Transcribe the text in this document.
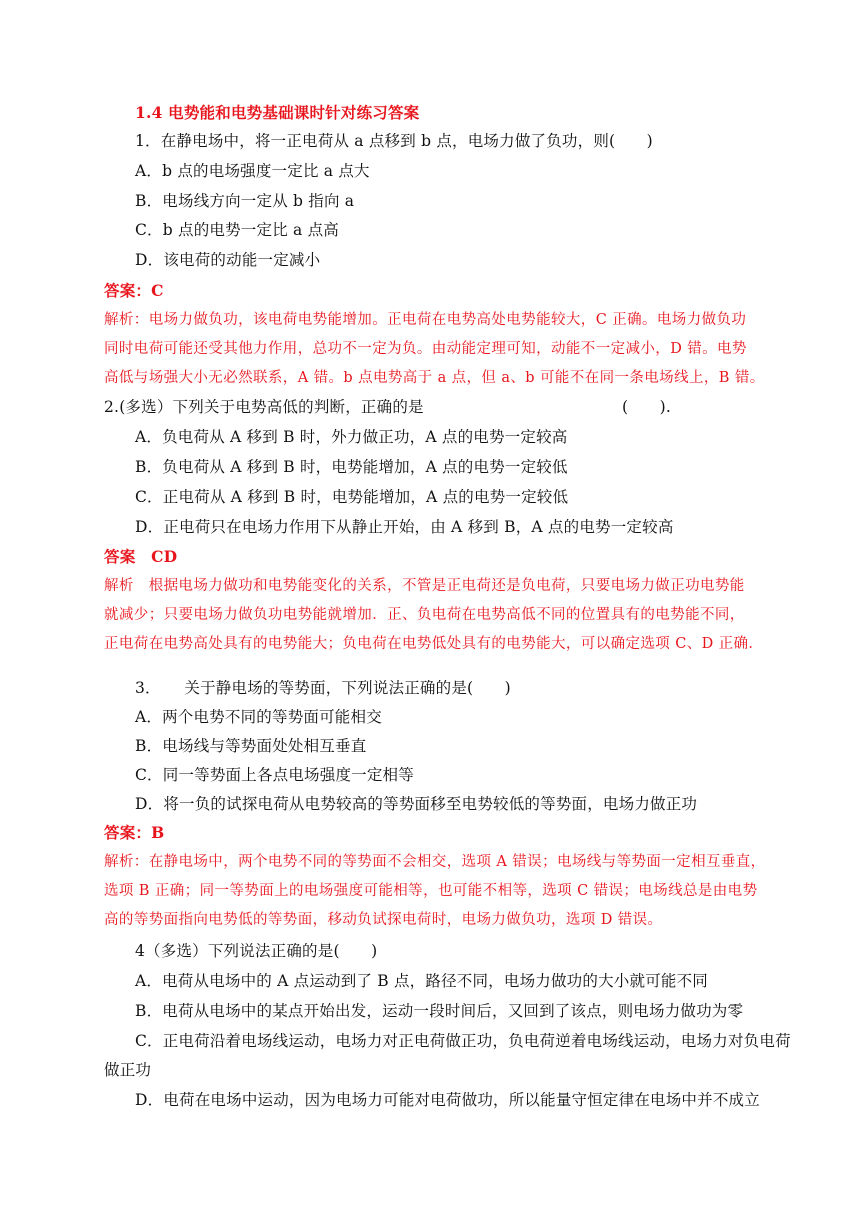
1.4 电势能和电势基础课时针对练习答案
1．在静电场中，将一正电荷从 a 点移到 b 点，电场力做了负功，则(　　)
A．b 点的电场强度一定比 a 点大
B．电场线方向一定从 b 指向 a
C．b 点的电势一定比 a 点高
D．该电荷的动能一定减小
答案：C
解析：电场力做负功，该电荷电势能增加。正电荷在电势高处电势能较大，C 正确。电场力做负功
同时电荷可能还受其他力作用，总功不一定为负。由动能定理可知，动能不一定减小，D 错。电势
高低与场强大小无必然联系，A 错。b 点电势高于 a 点，但 a、b 可能不在同一条电场线上，B 错。
2.(多选）下列关于电势高低的判断，正确的是	(　　).
A．负电荷从 A 移到 B 时，外力做正功，A 点的电势一定较高
B．负电荷从 A 移到 B 时，电势能增加，A 点的电势一定较低
C．正电荷从 A 移到 B 时，电势能增加，A 点的电势一定较低
D．正电荷只在电场力作用下从静止开始，由 A 移到 B，A 点的电势一定较高
答案　CD
解析　根据电场力做功和电势能变化的关系，不管是正电荷还是负电荷，只要电场力做正功电势能
就减少；只要电场力做负功电势能就增加．正、负电荷在电势高低不同的位置具有的电势能不同，
正电荷在电势高处具有的电势能大；负电荷在电势低处具有的电势能大，可以确定选项 C、D 正确．
3．　　关于静电场的等势面，下列说法正确的是(　　)
A．两个电势不同的等势面可能相交
B．电场线与等势面处处相互垂直
C．同一等势面上各点电场强度一定相等
D．将一负的试探电荷从电势较高的等势面移至电势较低的等势面，电场力做正功
答案：B
解析：在静电场中，两个电势不同的等势面不会相交，选项 A 错误；电场线与等势面一定相互垂直，
选项 B 正确；同一等势面上的电场强度可能相等，也可能不相等，选项 C 错误；电场线总是由电势
高的等势面指向电势低的等势面，移动负试探电荷时，电场力做负功，选项 D 错误。
4（多选）下列说法正确的是(　　)
A．电荷从电场中的 A 点运动到了 B 点，路径不同，电场力做功的大小就可能不同
B．电荷从电场中的某点开始出发，运动一段时间后，又回到了该点，则电场力做功为零
C．正电荷沿着电场线运动，电场力对正电荷做正功，负电荷逆着电场线运动，电场力对负电荷
做正功
D．电荷在电场中运动，因为电场力可能对电荷做功，所以能量守恒定律在电场中并不成立
